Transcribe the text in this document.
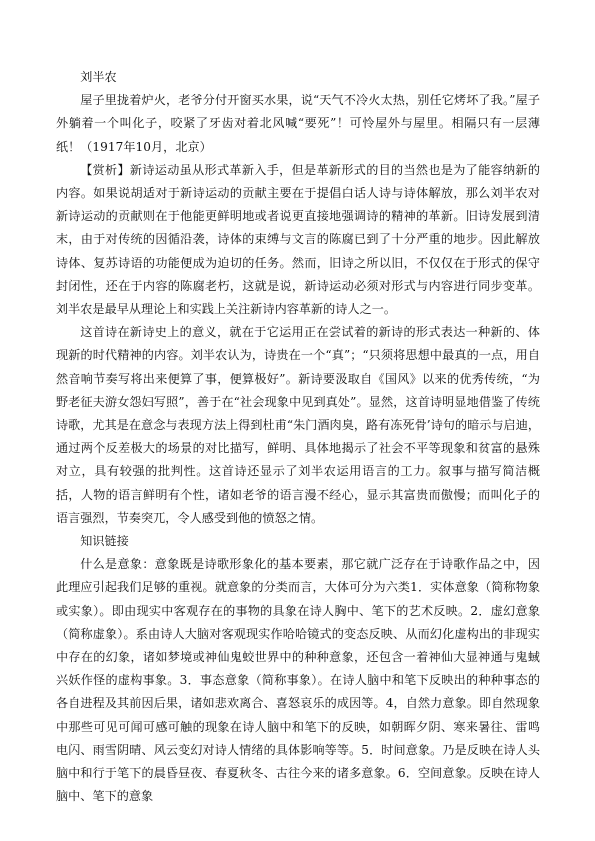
刘半农

屋子里拢着炉火，老爷分付开窗买水果，说“天气不冷火太热，别任它烤坏了我。”屋子外躺着一个叫化子，咬紧了牙齿对着北风喊“要死”！可怜屋外与屋里。相隔只有一层薄纸！（1917年10月，北京）

【赏析】新诗运动虽从形式革新入手，但是革新形式的目的当然也是为了能容纳新的内容。如果说胡适对于新诗运动的贡献主要在于提倡白话人诗与诗体解放，那么刘半农对新诗运动的贡献则在于他能更鲜明地或者说更直接地强调诗的精神的革新。旧诗发展到清末，由于对传统的因循沿袭，诗体的束缚与文言的陈腐已到了十分严重的地步。因此解放诗体、复苏诗语的功能便成为迫切的任务。然而，旧诗之所以旧，不仅仅在于形式的保守封闭性，还在于内容的陈腐老朽，这就是说，新诗运动必须对形式与内容进行同步变革。刘半农是最早从理论上和实践上关注新诗内容革新的诗人之一。

这首诗在新诗史上的意义，就在于它运用正在尝试着的新诗的形式表达一种新的、体现新的时代精神的内容。刘半农认为，诗贵在一个“真”；“只须将思想中最真的一点，用自然音响节奏写将出来便算了事，便算极好”。新诗要汲取自《国风》以来的优秀传统，“为野老征夫游女怨妇写照”，善于在“社会现象中见到真处”。显然，这首诗明显地借鉴了传统诗歌，尤其是在意念与表现方法上得到杜甫“朱门酒肉臭，路有冻死骨’诗句的暗示与启迪，通过两个反差极大的场景的对比描写，鲜明、具体地揭示了社会不平等现象和贫富的悬殊对立，具有较强的批判性。这首诗还显示了刘半农运用语言的工力。叙事与描写简洁概括，人物的语言鲜明有个性，诸如老爷的语言漫不经心，显示其富贵而傲慢；而叫化子的语言强烈，节奏突兀，令人感受到他的愤怒之情。

知识链接

什么是意象：意象既是诗歌形象化的基本要素，那它就广泛存在于诗歌作品之中，因此理应引起我们足够的重视。就意象的分类而言，大体可分为六类1．实体意象（简称物象或实象）。即由现实中客观存在的事物的具象在诗人胸中、笔下的艺术反映。2．虚幻意象（简称虚象）。系由诗人大脑对客观现实作哈哈镜式的变态反映、从而幻化虚构出的非现实中存在的幻象，诸如梦境或神仙鬼蛟世界中的种种意象，还包含一着神仙大显神通与鬼蜮兴妖作怪的虚构事象。3．事态意象（简称事象）。在诗人脑中和笔下反映出的种种事态的各自进程及其前因后果，诸如悲欢离合、喜怒哀乐的成因等。4，自然力意象。即自然现象中那些可见可闻可感可触的现象在诗人脑中和笔下的反映，如朝晖夕阴、寒来暑往、雷鸣电闪、雨雪阴晴、风云变幻对诗人情绪的具体影响等等。5．时间意象。乃是反映在诗人头脑中和行于笔下的晨昏昼夜、春夏秋冬、古往今来的诸多意象。6．空间意象。反映在诗人脑中、笔下的意象
